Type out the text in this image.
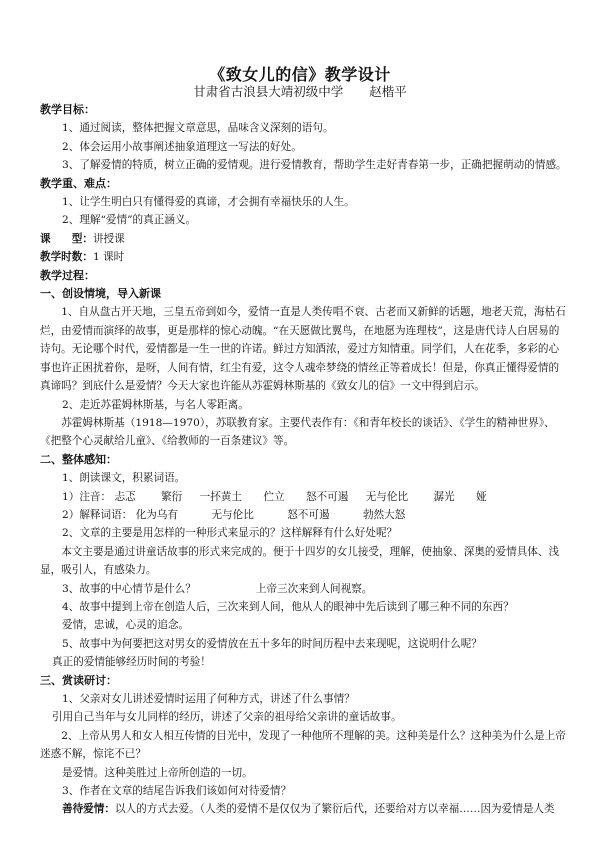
《致女儿的信》教学设计
甘肃省古浪县大靖初级中学 赵楷平
教学目标：
1、通过阅读，整体把握文章意思，品味含义深刻的语句。
2、体会运用小故事阐述抽象道理这一写法的好处。
3、了解爱情的特质，树立正确的爱情观。进行爱情教育，帮助学生走好青春第一步，正确把握萌动的情感。
教学重、难点：
1、让学生明白只有懂得爱的真谛，才会拥有幸福快乐的人生。
2、理解“爱情”的真正涵义。
课　　型：讲授课
教学时数：1 课时
教学过程：
一、创设情境，导入新课
1、自从盘古开天地，三皇五帝到如今，爱情一直是人类传唱不衰、古老而又新鲜的话题，地老天荒，海枯石烂，由爱情而演绎的故事，更是那样的惊心动魄。“在天愿做比翼鸟，在地愿为连理枝”，这是唐代诗人白居易的诗句。无论哪个时代，爱情都是一生一世的许诺。鲜过方知酒浓，爱过方知情重。同学们，人在花季，多彩的心事也许正困扰着你，是呀，人间有情，红尘有爱，这令人魂牵梦绕的情丝正等着成长！但是，你真正懂得爱情的真谛吗？到底什么是爱情？今天大家也许能从苏霍姆林斯基的《致女儿的信》一文中得到启示。
2、走近苏霍姆林斯基，与名人零距离。
苏霍姆林斯基（1918—1970），苏联教育家。主要代表作有：《和青年校长的谈话》、《学生的精神世界》、《把整个心灵献给儿童》、《给教师的一百条建议》等。
二、整体感知：
1、朗读课文，积累词语。
1）注音： 忐忑 繁衍 一抔黄土 伫立 怒不可遏 无与伦比 潺光 娅
2）解释词语： 化为乌有	无与伦比	怒不可遏	勃然大怒
2、文章的主要是用怎样的一种形式来显示的？这样解释有什么好处呢？
本文主要是通过讲童话故事的形式来完成的。便于十四岁的女儿接受，理解，使抽象、深奥的爱情具体、浅显，吸引人，有感染力。
3、故事的中心情节是什么？	上帝三次来到人间视察。
4、故事中提到上帝在创造人后，三次来到人间，他从人的眼神中先后读到了哪三种不同的东西？
爱情，忠诚，心灵的追念。
5、故事中为何要把这对男女的爱情放在五十多年的时间历程中去来现呢，这说明什么呢？
真正的爱情能够经历时间的考验！
三、赏读研讨：
1、父亲对女儿讲述爱情时运用了何种方式，讲述了什么事情？
引用自己当年与女儿同样的经历，讲述了父亲的祖母给父亲讲的童话故事。
2、上帝从男人和女人相互传情的目光中，发现了一种他所不理解的美。这种美是什么？这种美为什么是上帝迷惑不解，惊诧不已？
是爱情。这种美胜过上帝所创造的一切。
3、作者在文章的结尾告诉我们该如何对待爱情？
善待爱情：以人的方式去爱。（人类的爱情不是仅仅为了繁衍后代，还要给对方以幸福……因为爱情是人类
